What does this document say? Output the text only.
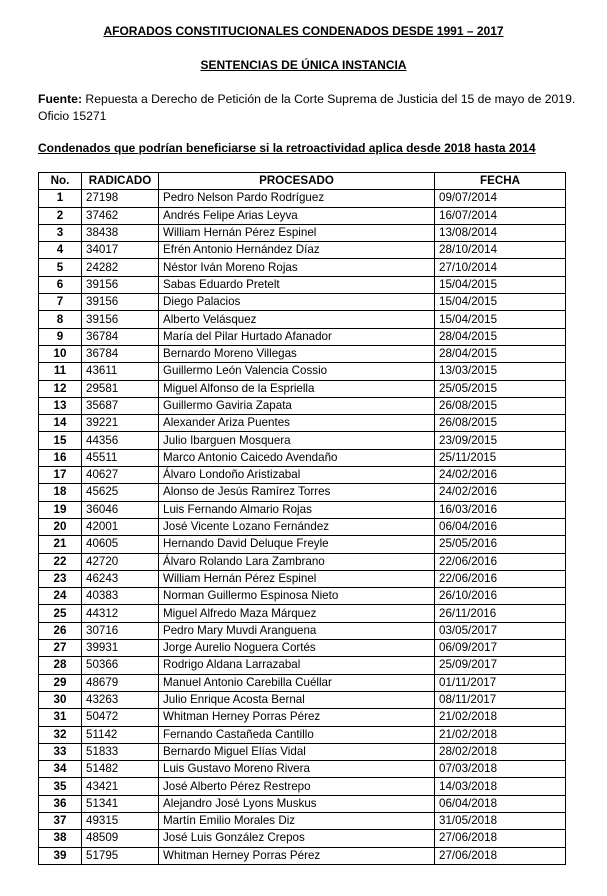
AFORADOS CONSTITUCIONALES CONDENADOS DESDE 1991 – 2017
SENTENCIAS DE ÚNICA INSTANCIA
Fuente: Repuesta a Derecho de Petición de la Corte Suprema de Justicia del 15 de mayo de 2019. Oficio 15271
Condenados que podrían beneficiarse si la retroactividad aplica desde 2018 hasta 2014
No.	RADICADO	PROCESADO	FECHA
1	27198	Pedro Nelson Pardo Rodríguez	09/07/2014
2	37462	Andrés Felipe Arias Leyva	16/07/2014
3	38438	William Hernán Pérez Espinel	13/08/2014
4	34017	Efrén Antonio Hernández Díaz	28/10/2014
5	24282	Néstor Iván Moreno Rojas	27/10/2014
6	39156	Sabas Eduardo Pretelt	15/04/2015
7	39156	Diego Palacios	15/04/2015
8	39156	Alberto Velásquez	15/04/2015
9	36784	María del Pilar Hurtado Afanador	28/04/2015
10	36784	Bernardo Moreno Villegas	28/04/2015
11	43611	Guillermo León Valencia Cossio	13/03/2015
12	29581	Miguel Alfonso de la Espriella	25/05/2015
13	35687	Guillermo Gaviria Zapata	26/08/2015
14	39221	Alexander Ariza Puentes	26/08/2015
15	44356	Julio Ibarguen Mosquera	23/09/2015
16	45511	Marco Antonio Caicedo Avendaño	25/11/2015
17	40627	Álvaro Londoño Aristizabal	24/02/2016
18	45625	Alonso de Jesús Ramírez Torres	24/02/2016
19	36046	Luis Fernando Almario Rojas	16/03/2016
20	42001	José Vicente Lozano Fernández	06/04/2016
21	40605	Hernando David Deluque Freyle	25/05/2016
22	42720	Álvaro Rolando Lara Zambrano	22/06/2016
23	46243	William Hernán Pérez Espinel	22/06/2016
24	40383	Norman Guillermo Espinosa Nieto	26/10/2016
25	44312	Miguel Alfredo Maza Márquez	26/11/2016
26	30716	Pedro Mary Muvdi Aranguena	03/05/2017
27	39931	Jorge Aurelio Noguera Cortés	06/09/2017
28	50366	Rodrigo Aldana Larrazabal	25/09/2017
29	48679	Manuel Antonio Carebilla Cuéllar	01/11/2017
30	43263	Julio Enrique Acosta Bernal	08/11/2017
31	50472	Whitman Herney Porras Pérez	21/02/2018
32	51142	Fernando Castañeda Cantillo	21/02/2018
33	51833	Bernardo Miguel Elías Vidal	28/02/2018
34	51482	Luis Gustavo Moreno Rivera	07/03/2018
35	43421	José Alberto Pérez Restrepo	14/03/2018
36	51341	Alejandro José Lyons Muskus	06/04/2018
37	49315	Martín Emilio Morales Diz	31/05/2018
38	48509	José Luis González Crepos	27/06/2018
39	51795	Whitman Herney Porras Pérez	27/06/2018
